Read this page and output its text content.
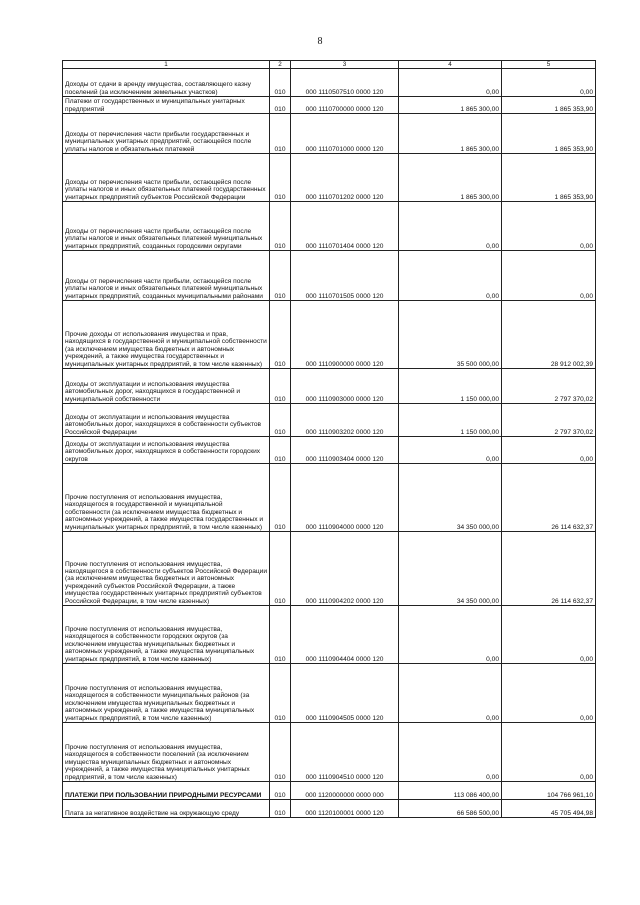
8
1	2	3	4	5
Доходы от сдачи в аренду имущества, составляющего казну поселений (за исключением земельных участков)	010	000 1110507510 0000 120	0,00	0,00
Платежи от государственных и муниципальных унитарных предприятий	010	000 1110700000 0000 120	1 865 300,00	1 865 353,90
Доходы от перечисления части прибыли государственных и муниципальных унитарных предприятий, остающейся после уплаты налогов и обязательных платежей	010	000 1110701000 0000 120	1 865 300,00	1 865 353,90
Доходы от перечисления части прибыли, остающейся после уплаты налогов и иных обязательных платежей государственных унитарных предприятий субъектов Российской Федерации	010	000 1110701202 0000 120	1 865 300,00	1 865 353,90
Доходы от перечисления части прибыли, остающейся после уплаты налогов и иных обязательных платежей муниципальных унитарных предприятий, созданных городскими округами	010	000 1110701404 0000 120	0,00	0,00
Доходы от перечисления части прибыли, остающейся после уплаты налогов и иных обязательных платежей муниципальных унитарных предприятий, созданных муниципальными районами	010	000 1110701505 0000 120	0,00	0,00
Прочие доходы от использования имущества и прав, находящихся в государственной и муниципальной собственности (за исключением имущества бюджетных и автономных учреждений, а также имущества государственных и муниципальных унитарных предприятий, в том числе казенных)	010	000 1110900000 0000 120	35 500 000,00	28 912 002,39
Доходы от эксплуатации и использования имущества автомобильных дорог, находящихся в государственной и муниципальной собственности	010	000 1110903000 0000 120	1 150 000,00	2 797 370,02
Доходы от эксплуатации и использования имущества автомобильных дорог, находящихся в собственности субъектов Российской Федерации	010	000 1110903202 0000 120	1 150 000,00	2 797 370,02
Доходы от эксплуатации и использования имущества автомобильных дорог, находящихся в собственности городских округов	010	000 1110903404 0000 120	0,00	0,00
Прочие поступления от использования имущества, находящегося в государственной и муниципальной собственности (за исключением имущества бюджетных и автономных учреждений, а также имущества государственных и муниципальных унитарных предприятий, в том числе казенных)	010	000 1110904000 0000 120	34 350 000,00	26 114 632,37
Прочие поступления от использования имущества, находящегося в собственности субъектов Российской Федерации (за исключением имущества бюджетных и автономных учреждений субъектов Российской Федерации, а также имущества государственных унитарных предприятий субъектов Российской Федерации, в том числе казенных)	010	000 1110904202 0000 120	34 350 000,00	26 114 632,37
Прочие поступления от использования имущества, находящегося в собственности городских округов (за исключением имущества муниципальных бюджетных и автономных учреждений, а также имущества муниципальных унитарных предприятий, в том числе казенных)	010	000 1110904404 0000 120	0,00	0,00
Прочие поступления от использования имущества, находящегося в собственности муниципальных районов (за исключением имущества муниципальных бюджетных и автономных учреждений, а также имущества муниципальных унитарных предприятий, в том числе казенных)	010	000 1110904505 0000 120	0,00	0,00
Прочие поступления от использования имущества, находящегося в собственности поселений (за исключением имущества муниципальных бюджетных и автономных учреждений, а также имущества муниципальных унитарных предприятий, в том числе казенных)	010	000 1110904510 0000 120	0,00	0,00
ПЛАТЕЖИ ПРИ ПОЛЬЗОВАНИИ ПРИРОДНЫМИ РЕСУРСАМИ	010	000 1120000000 0000 000	113 086 400,00	104 766 961,10
Плата за негативное воздействие на окружающую среду	010	000 1120100001 0000 120	66 586 500,00	45 705 494,98
